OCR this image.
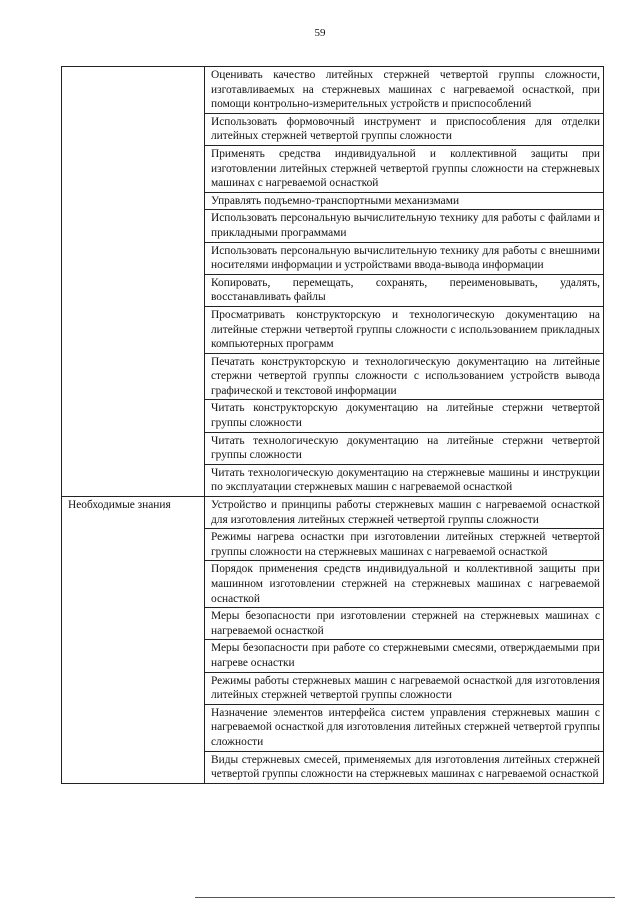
59
	Оценивать качество литейных стержней четвертой группы сложности, изготавливаемых на стержневых машинах с нагреваемой оснасткой, при помощи контрольно-измерительных устройств и приспособлений
	Использовать формовочный инструмент и приспособления для отделки литейных стержней четвертой группы сложности
	Применять средства индивидуальной и коллективной защиты при изготовлении литейных стержней четвертой группы сложности на стержневых машинах с нагреваемой оснасткой
	Управлять подъемно-транспортными механизмами
	Использовать персональную вычислительную технику для работы с файлами и прикладными программами
	Использовать персональную вычислительную технику для работы с внешними носителями информации и устройствами ввода-вывода информации
	Копировать, перемещать, сохранять, переименовывать, удалять, восстанавливать файлы
	Просматривать конструкторскую и технологическую документацию на литейные стержни четвертой группы сложности с использованием прикладных компьютерных программ
	Печатать конструкторскую и технологическую документацию на литейные стержни четвертой группы сложности с использованием устройств вывода графической и текстовой информации
	Читать конструкторскую документацию на литейные стержни четвертой группы сложности
	Читать технологическую документацию на литейные стержни четвертой группы сложности
	Читать технологическую документацию на стержневые машины и инструкции по эксплуатации стержневых машин с нагреваемой оснасткой
Необходимые знания	Устройство и принципы работы стержневых машин с нагреваемой оснасткой для изготовления литейных стержней четвертой группы сложности
	Режимы нагрева оснастки при изготовлении литейных стержней четвертой группы сложности на стержневых машинах с нагреваемой оснасткой
	Порядок применения средств индивидуальной и коллективной защиты при машинном изготовлении стержней на стержневых машинах с нагреваемой оснасткой
	Меры безопасности при изготовлении стержней на стержневых машинах с нагреваемой оснасткой
	Меры безопасности при работе со стержневыми смесями, отверждаемыми при нагреве оснастки
	Режимы работы стержневых машин с нагреваемой оснасткой для изготовления литейных стержней четвертой группы сложности
	Назначение элементов интерфейса систем управления стержневых машин с нагреваемой оснасткой для изготовления литейных стержней четвертой группы сложности
	Виды стержневых смесей, применяемых для изготовления литейных стержней четвертой группы сложности на стержневых машинах с нагреваемой оснасткой
